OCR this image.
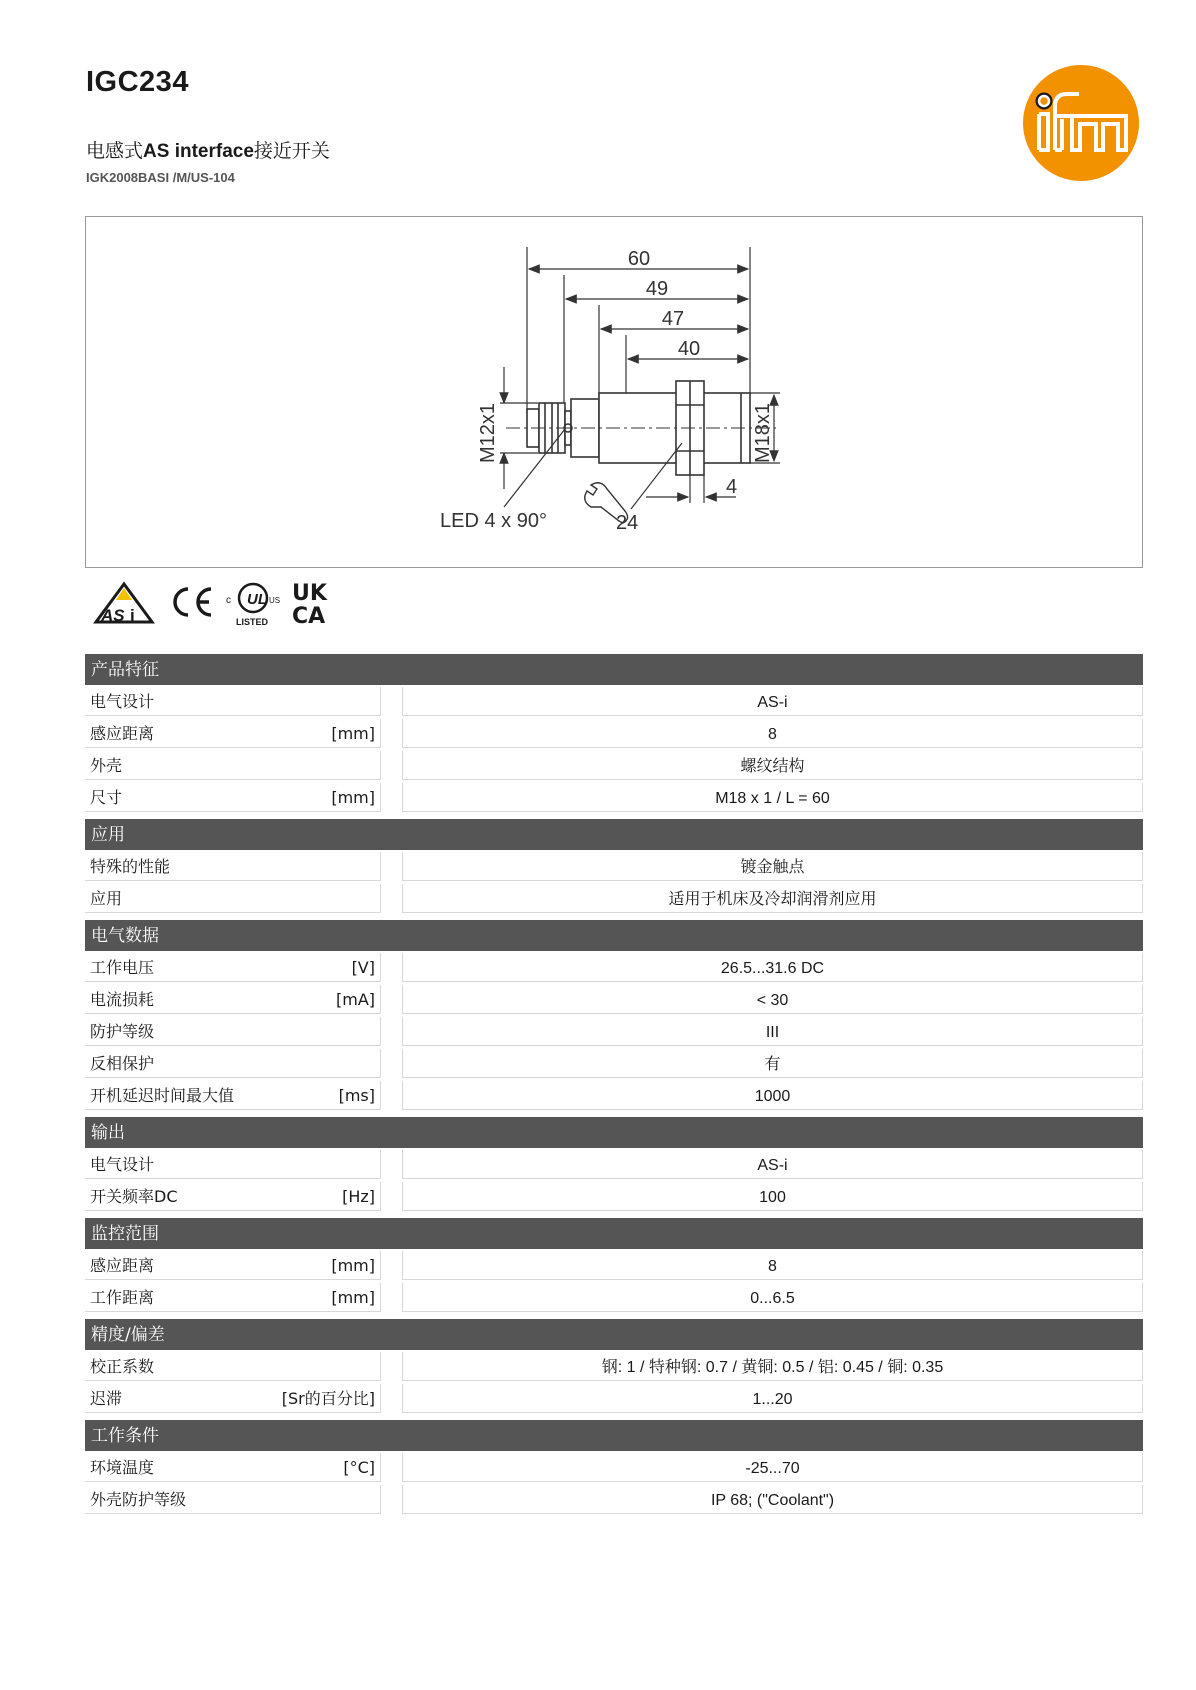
IGC234
电感式AS interface接近开关
IGK2008BASI /M/US-104	ifm
60
49
47
40
M12x1	M18x1
LED 4 x 90°	24
4
AS i
UL
c	US
LISTED
UK
CA
产品特征
电气设计	AS-i
感应距离	[mm]	8
外壳	螺纹结构
尺寸	[mm]	M18 x 1 / L = 60
应用
特殊的性能	镀金触点
应用	适用于机床及冷却润滑剂应用
电气数据
工作电压	[V]	26.5...31.6 DC
电流损耗	[mA]	< 30
防护等级	III
反相保护	有
开机延迟时间最大值	[ms]	1000
输出
电气设计	AS-i
开关频率DC	[Hz]	100
监控范围
感应距离	[mm]	8
工作距离	[mm]	0...6.5
精度/偏差
校正系数	钢: 1 / 特种钢: 0.7 / 黄铜: 0.5 / 铝: 0.45 / 铜: 0.35
迟滞	[Sr的百分比]	1...20
工作条件
环境温度	[°C]	-25...70
外壳防护等级	IP 68; ("Coolant")
